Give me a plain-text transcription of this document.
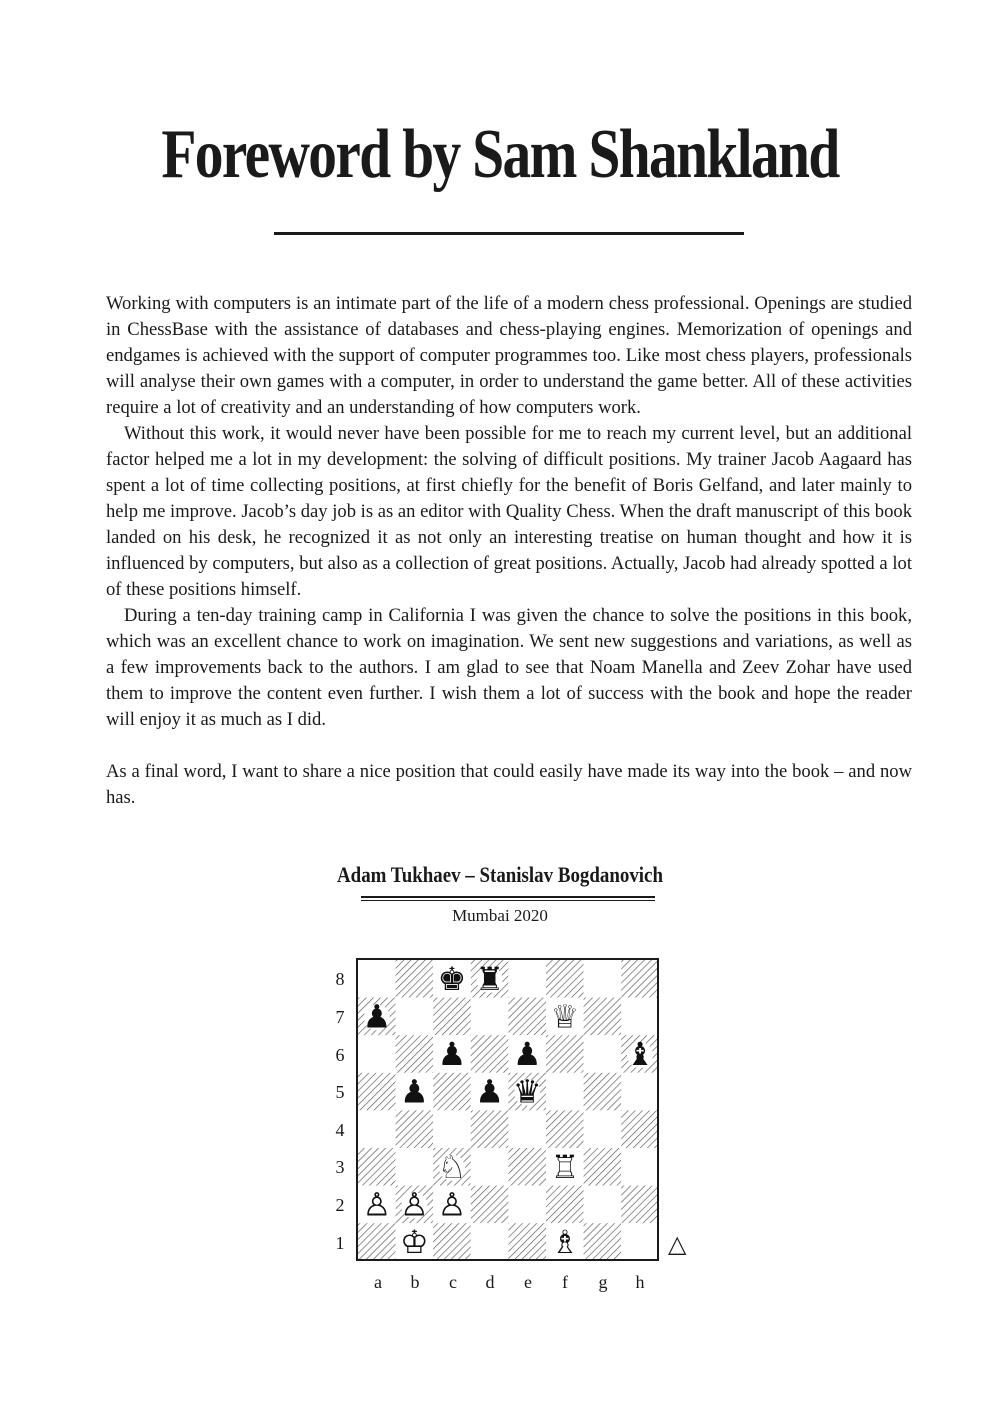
Foreword by Sam Shankland

Working with computers is an intimate part of the life of a modern chess professional. Openings are studied in ChessBase with the assistance of databases and chess-playing engines. Memorization of openings and endgames is achieved with the support of computer programmes too. Like most chess players, professionals will analyse their own games with a computer, in order to understand the game better. All of these activities require a lot of creativity and an understanding of how computers work.

Without this work, it would never have been possible for me to reach my current level, but an additional factor helped me a lot in my development: the solving of difficult positions. My trainer Jacob Aagaard has spent a lot of time collecting positions, at first chiefly for the benefit of Boris Gelfand, and later mainly to help me improve. Jacob’s day job is as an editor with Quality Chess. When the draft manuscript of this book landed on his desk, he recognized it as not only an interesting treatise on human thought and how it is influenced by computers, but also as a collection of great positions. Actually, Jacob had already spotted a lot of these positions himself.

During a ten-day training camp in California I was given the chance to solve the positions in this book, which was an excellent chance to work on imagination. We sent new suggestions and variations, as well as a few improvements back to the authors. I am glad to see that Noam Manella and Zeev Zohar have used them to improve the content even further. I wish them a lot of success with the book and hope the reader will enjoy it as much as I did.

As a final word, I want to share a nice position that could easily have made its way into the book – and now has.

Adam Tukhaev – Stanislav Bogdanovich
Mumbai 2020
8
7
6
5
4
3
2
1
a	b	c	d	e	f	g	h
♚ ♜
♟	♕
♟ ♟	♝
♟ ♟ ♛
♘	♖
♙ ♙ ♙
♔	♗	△
